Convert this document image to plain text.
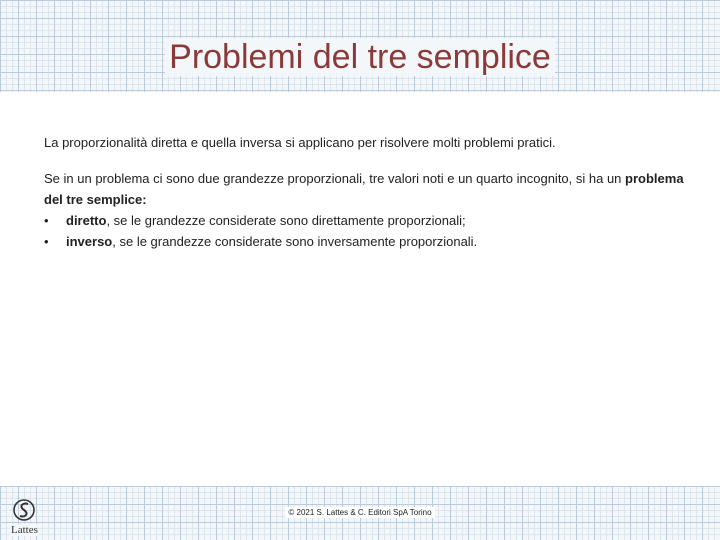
Problemi del tre semplice

La proporzionalità diretta e quella inversa si applicano per risolvere molti problemi pratici.

Se in un problema ci sono due grandezze proporzionali, tre valori noti e un quarto incognito, si ha un problema del tre semplice:

• diretto, se le grandezze considerate sono direttamente proporzionali;
• inverso, se le grandezze considerate sono inversamente proporzionali.
Lattes
© 2021 S. Lattes & C. Editori SpA Torino
